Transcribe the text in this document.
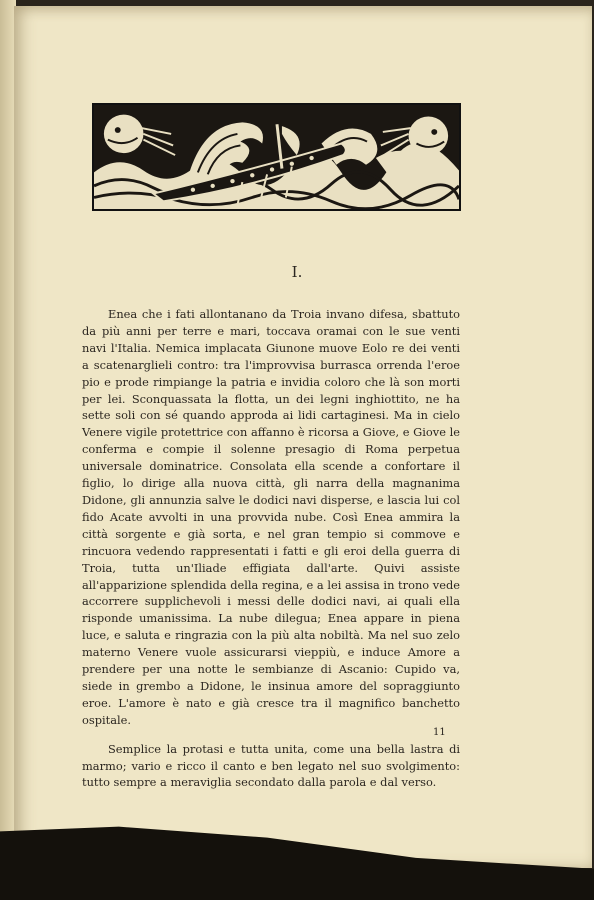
I.

Enea che i fati allontanano da Troia invano difesa, sbattuto da più anni per terre e mari, toccava oramai con le sue venti navi l'Italia. Nemica implacata Giunone muove Eolo re dei venti a scatenarglieli contro: tra l'improvvisa burrasca orrenda l'eroe pio e prode rimpiange la patria e invidia coloro che là son morti per lei. Sconquassata la flotta, un dei legni inghiottito, ne ha sette soli con sé quando approda ai lidi cartaginesi. Ma in cielo Venere vigile protettrice con affanno è ricorsa a Giove, e Giove le conferma e compie il solenne presagio di Roma perpetua universale dominatrice. Consolata ella scende a confortare il figlio, lo dirige alla nuova città, gli narra della magnanima Didone, gli annunzia salve le dodici navi disperse, e lascia lui col fido Acate avvolti in una provvida nube. Così Enea ammira la città sorgente e già sorta, e nel gran tempio si commove e rincuora vedendo rappresentati i fatti e gli eroi della guerra di Troia, tutta un'Iliade effigiata dall'arte. Quivi assiste all'apparizione splendida della regina, e a lei assisa in trono vede accorrere supplichevoli i messi delle dodici navi, ai quali ella risponde umanissima. La nube dilegua; Enea appare in piena luce, e saluta e ringrazia con la più alta nobiltà. Ma nel suo zelo materno Venere vuole assicurarsi vieppiù, e induce Amore a prendere per una notte le sembianze di Ascanio: Cupido va, siede in grembo a Didone, le insinua amore del sopraggiunto eroe. L'amore è nato e già cresce tra il magnifico banchetto ospitale.

Semplice la protasi e tutta unita, come una bella lastra di marmo; vario e ricco il canto e ben legato nel suo svolgimento: tutto sempre a meraviglia secondato dalla parola e dal verso.

11
